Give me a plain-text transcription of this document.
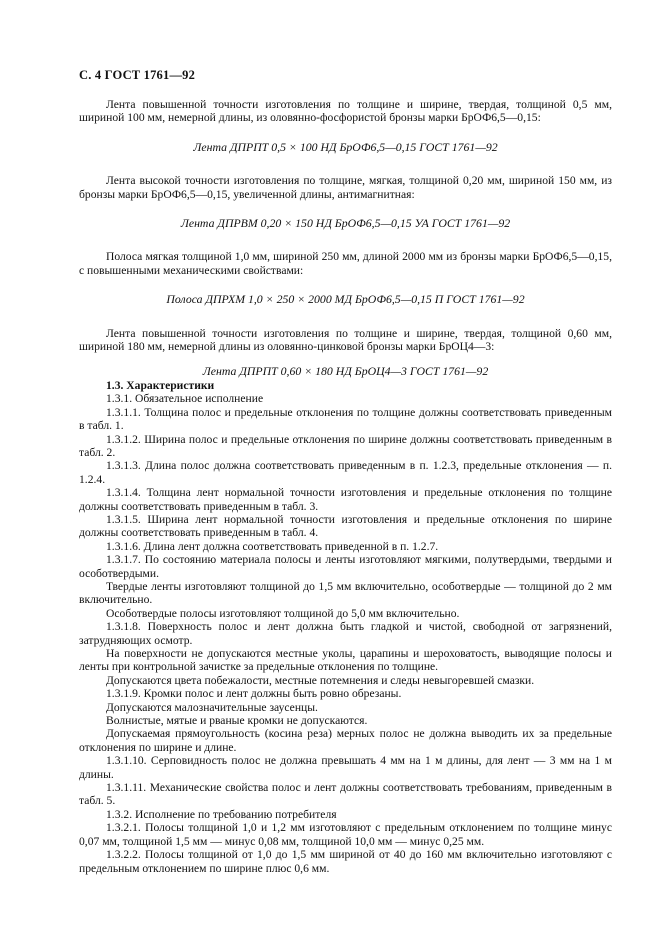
С. 4 ГОСТ 1761—92

Лента повышенной точности изготовления по толщине и ширине, твердая, толщиной 0,5 мм, шириной 100 мм, немерной длины, из оловянно-фосфористой бронзы марки БрОФ6,5—0,15:

Лента ДПРПТ 0,5 × 100 НД БрОФ6,5—0,15 ГОСТ 1761—92

Лента высокой точности изготовления по толщине, мягкая, толщиной 0,20 мм, шириной 150 мм, из бронзы марки БрОФ6,5—0,15, увеличенной длины, антимагнитная:

Лента ДПРВМ 0,20 × 150 НД БрОФ6,5—0,15 УА ГОСТ 1761—92

Полоса мягкая толщиной 1,0 мм, шириной 250 мм, длиной 2000 мм из бронзы марки БрОФ6,5—0,15, с повышенными механическими свойствами:

Полоса ДПРХМ 1,0 × 250 × 2000 МД БрОФ6,5—0,15 П ГОСТ 1761—92

Лента повышенной точности изготовления по толщине и ширине, твердая, толщиной 0,60 мм, шириной 180 мм, немерной длины из оловянно-цинковой бронзы марки БрОЦ4—3:

Лента ДПРПТ 0,60 × 180 НД БрОЦ4—3 ГОСТ 1761—92

1.3. Характеристики

1.3.1. Обязательное исполнение

1.3.1.1. Толщина полос и предельные отклонения по толщине должны соответствовать приведенным в табл. 1.

1.3.1.2. Ширина полос и предельные отклонения по ширине должны соответствовать приведенным в табл. 2.

1.3.1.3. Длина полос должна соответствовать приведенным в п. 1.2.3, предельные отклонения — п. 1.2.4.

1.3.1.4. Толщина лент нормальной точности изготовления и предельные отклонения по толщине должны соответствовать приведенным в табл. 3.

1.3.1.5. Ширина лент нормальной точности изготовления и предельные отклонения по ширине должны соответствовать приведенным в табл. 4.

1.3.1.6. Длина лент должна соответствовать приведенной в п. 1.2.7.

1.3.1.7. По состоянию материала полосы и ленты изготовляют мягкими, полутвердыми, твердыми и особотвердыми.

Твердые ленты изготовляют толщиной до 1,5 мм включительно, особотвердые — толщиной до 2 мм включительно.

Особотвердые полосы изготовляют толщиной до 5,0 мм включительно.

1.3.1.8. Поверхность полос и лент должна быть гладкой и чистой, свободной от загрязнений, затрудняющих осмотр.

На поверхности не допускаются местные уколы, царапины и шероховатость, выводящие полосы и ленты при контрольной зачистке за предельные отклонения по толщине.

Допускаются цвета побежалости, местные потемнения и следы невыгоревшей смазки.

1.3.1.9. Кромки полос и лент должны быть ровно обрезаны.

Допускаются малозначительные заусенцы.

Волнистые, мятые и рваные кромки не допускаются.

Допускаемая прямоугольность (косина реза) мерных полос не должна выводить их за предельные отклонения по ширине и длине.

1.3.1.10. Серповидность полос не должна превышать 4 мм на 1 м длины, для лент — 3 мм на 1 м длины.

1.3.1.11. Механические свойства полос и лент должны соответствовать требованиям, приведенным в табл. 5.

1.3.2. Исполнение по требованию потребителя

1.3.2.1. Полосы толщиной 1,0 и 1,2 мм изготовляют с предельным отклонением по толщине минус 0,07 мм, толщиной 1,5 мм — минус 0,08 мм, толщиной 10,0 мм — минус 0,25 мм.

1.3.2.2. Полосы толщиной от 1,0 до 1,5 мм шириной от 40 до 160 мм включительно изготовляют с предельным отклонением по ширине плюс 0,6 мм.
